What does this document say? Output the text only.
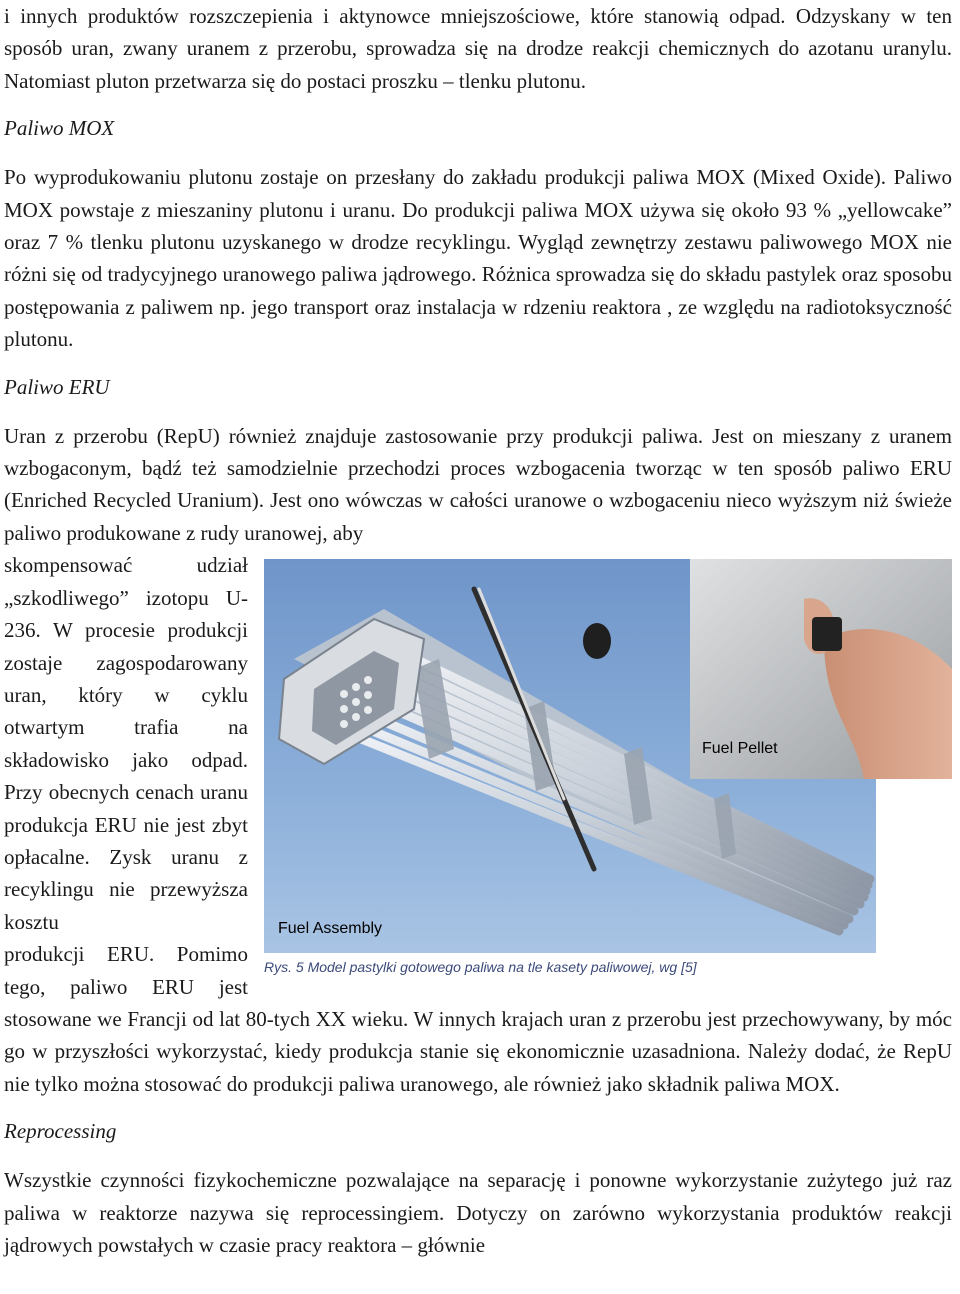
i innych produktów rozszczepienia i aktynowce mniejszościowe, które stanowią odpad. Odzyskany w ten sposób uran, zwany uranem z przerobu, sprowadza się na drodze reakcji chemicznych do azotanu uranylu. Natomiast pluton przetwarza się do postaci proszku – tlenku plutonu.

Paliwo MOX

Po wyprodukowaniu plutonu zostaje on przesłany do zakładu produkcji paliwa MOX (Mixed Oxide). Paliwo MOX powstaje z mieszaniny plutonu i uranu. Do produkcji paliwa MOX używa się około 93 % „yellowcake” oraz 7 % tlenku plutonu uzyskanego w drodze recyklingu. Wygląd zewnętrzy zestawu paliwowego MOX nie różni się od tradycyjnego uranowego paliwa jądrowego. Różnica sprowadza się do składu pastylek oraz sposobu postępowania z paliwem np. jego transport oraz instalacja w rdzeniu reaktora , ze względu na radiotoksyczność plutonu.

Paliwo ERU

Uran z przerobu (RepU) również znajduje zastosowanie przy produkcji paliwa. Jest on mieszany z uranem wzbogaconym, bądź też samodzielnie przechodzi proces wzbogacenia tworząc w ten sposób paliwo ERU (Enriched Recycled Uranium). Jest ono wówczas w całości uranowe o wzbogaceniu nieco wyższym niż świeże paliwo produkowane z rudy uranowej, aby

Fuel Pellet
Fuel Assembly
Rys. 5 Model pastylki gotowego paliwa na tle kasety paliwowej, wg [5]

skompensować udział „szkodliwego” izotopu U-236. W procesie produkcji zostaje zagospodarowany uran, który w cyklu otwartym trafia na składowisko jako odpad. Przy obecnych cenach uranu produkcja ERU nie jest zbyt opłacalne. Zysk uranu z recyklingu nie przewyższa kosztu

produkcji ERU. Pomimo tego, paliwo ERU jest stosowane we Francji od lat 80-tych XX wieku. W innych krajach uran z przerobu jest przechowywany, by móc go w przyszłości wykorzystać, kiedy produkcja stanie się ekonomicznie uzasadniona. Należy dodać, że RepU nie tylko można stosować do produkcji paliwa uranowego, ale również jako składnik paliwa MOX.

Reprocessing

Wszystkie czynności fizykochemiczne pozwalające na separację i ponowne wykorzystanie zużytego już raz paliwa w reaktorze nazywa się reprocessingiem. Dotyczy on zarówno wykorzystania produktów reakcji jądrowych powstałych w czasie pracy reaktora – głównie
